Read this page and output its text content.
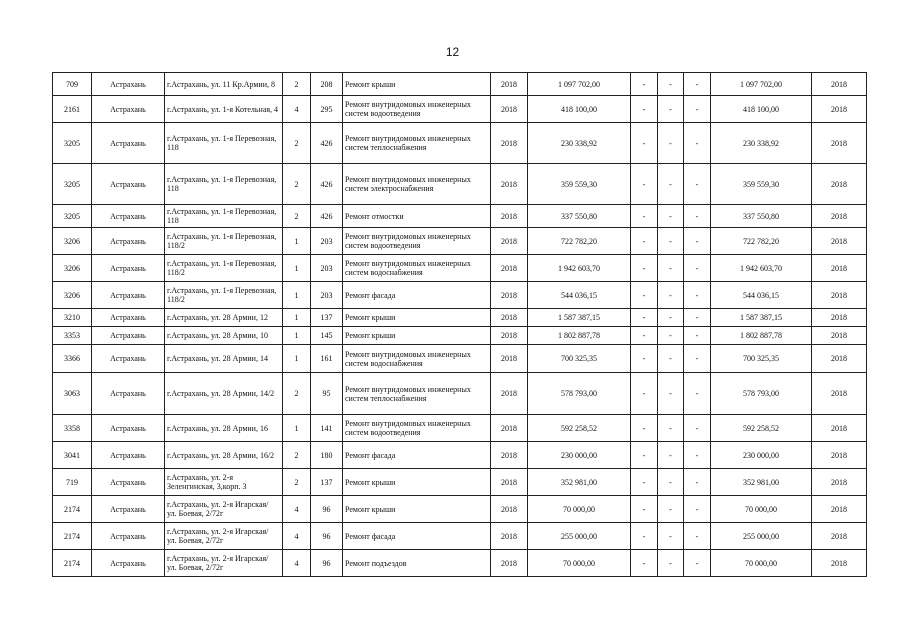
12
709	Астрахань	г.Астрахань, ул. 11 Кр.Армии, 8	2	208	Ремонт крыши	2018	1 097 702,00	-	-	-	1 097 702,00	2018
2161	Астрахань	г.Астрахань, ул. 1-я Котельная, 4	4	295	Ремонт внутридомовых инженерных систем водоотведения	2018	418 100,00	-	-	-	418 100,00	2018
3205	Астрахань	г.Астрахань, ул. 1-я Перевозная, 118	2	426	Ремонт внутридомовых инженерных систем теплоснабжения	2018	230 338,92	-	-	-	230 338,92	2018
3205	Астрахань	г.Астрахань, ул. 1-я Перевозная, 118	2	426	Ремонт внутридомовых инженерных систем электроснабжения	2018	359 559,30	-	-	-	359 559,30	2018
3205	Астрахань	г.Астрахань, ул. 1-я Перевозная, 118	2	426	Ремонт отмостки	2018	337 550,80	-	-	-	337 550,80	2018
3206	Астрахань	г.Астрахань, ул. 1-я Перевозная, 118/2	1	203	Ремонт внутридомовых инженерных систем водоотведения	2018	722 782,20	-	-	-	722 782,20	2018
3206	Астрахань	г.Астрахань, ул. 1-я Перевозная, 118/2	1	203	Ремонт внутридомовых инженерных систем водоснабжения	2018	1 942 603,70	-	-	-	1 942 603,70	2018
3206	Астрахань	г.Астрахань, ул. 1-я Перевозная, 118/2	1	203	Ремонт фасада	2018	544 036,15	-	-	-	544 036,15	2018
3210	Астрахань	г.Астрахань, ул. 28 Армии, 12	1	137	Ремонт крыши	2018	1 587 387,15	-	-	-	1 587 387,15	2018
3353	Астрахань	г.Астрахань, ул. 28 Армии, 10	1	145	Ремонт крыши	2018	1 802 887,78	-	-	-	1 802 887,78	2018
3366	Астрахань	г.Астрахань, ул. 28 Армии, 14	1	161	Ремонт внутридомовых инженерных систем водоснабжения	2018	700 325,35	-	-	-	700 325,35	2018
3063	Астрахань	г.Астрахань, ул. 28 Армии, 14/2	2	95	Ремонт внутридомовых инженерных систем теплоснабжения	2018	578 793,00	-	-	-	578 793,00	2018
3358	Астрахань	г.Астрахань, ул. 28 Армии, 16	1	141	Ремонт внутридомовых инженерных систем водоотведения	2018	592 258,52	-	-	-	592 258,52	2018
3041	Астрахань	г.Астрахань, ул. 28 Армии, 16/2	2	180	Ремонт фасада	2018	230 000,00	-	-	-	230 000,00	2018
719	Астрахань	г.Астрахань, ул. 2-я Зеленгинская, 3,корп. 3	2	137	Ремонт крыши	2018	352 981,00	-	-	-	352 981,00	2018
2174	Астрахань	г.Астрахань, ул. 2-я Игарская/ ул. Боевая, 2/72г	4	96	Ремонт крыши	2018	70 000,00	-	-	-	70 000,00	2018
2174	Астрахань	г.Астрахань, ул. 2-я Игарская/ ул. Боевая, 2/72г	4	96	Ремонт фасада	2018	255 000,00	-	-	-	255 000,00	2018
2174	Астрахань	г.Астрахань, ул. 2-я Игарская/ ул. Боевая, 2/72г	4	96	Ремонт подъездов	2018	70 000,00	-	-	-	70 000,00	2018
